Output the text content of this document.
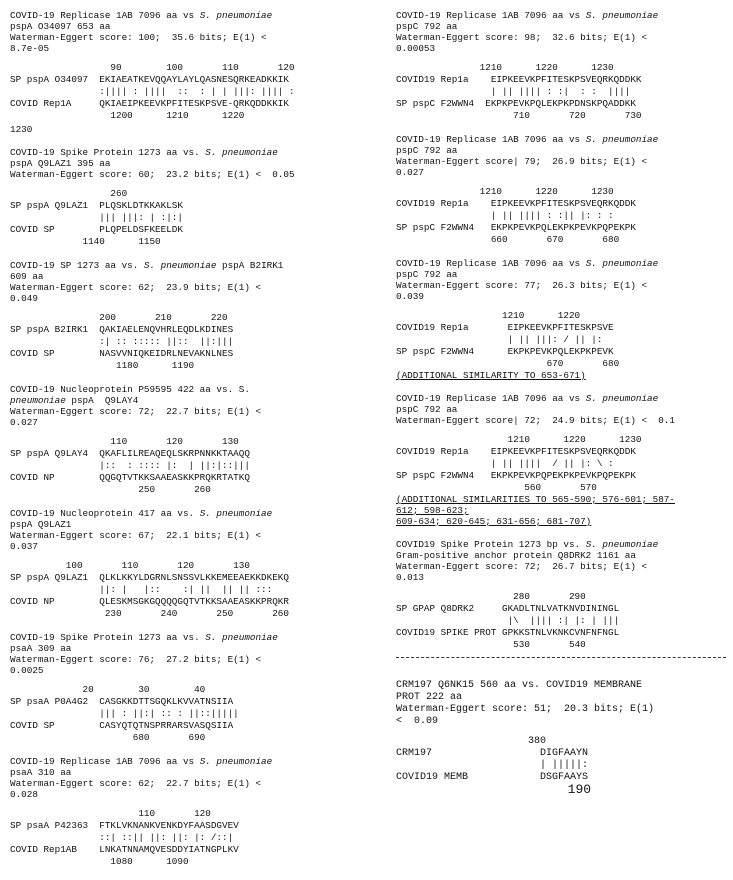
COVID-19 Replicase 1AB 7096 aa vs S. pneumoniae
pspA O34097 653 aa
Waterman-Eggert score: 100;  35.6 bits; E(1) <
8.7e-05
90        100       110       120
SP pspA O34097  EKIAEATKEVQQAYLAYLQASNESQRKEADKKIK
:|||| : ||||  ::  : | | |||: |||| :
COVID Rep1A     QKIAEIPKEEVKPFITESKPSVE-QRKQDDKKIK
1200      1210      1220
1230
COVID-19 Spike Protein 1273 aa vs. S. pneumoniae
pspA Q9LAZ1 395 aa
Waterman-Eggert score: 60;  23.2 bits; E(1) <  0.05
260
SP pspA Q9LAZ1  PLQSKLDTKKAKLSK
||| |||: | :|:|
COVID SP        PLQPELDSFKEELDK
1140      1150
COVID-19 SP 1273 aa vs. S. pneumoniae pspA B2IRK1
609 aa
Waterman-Eggert score: 62;  23.9 bits; E(1) <
0.049
200       210       220
SP pspA B2IRK1  QAKIAELENQVHRLEQDLKDINES
:| :: ::::: ||::  ||:|||
COVID SP        NASVVNIQKEIDRLNEVAKNLNES
1180      1190
COVID-19 Nucleoprotein P59595 422 aa vs. S.
pneumoniae pspA  Q9LAY4
Waterman-Eggert score: 72;  22.7 bits; E(1) <
0.027
110       120       130
SP pspA Q9LAY4  QKAFLILREAQEQLSKRPNNKKTAAQQ
|::  : :::: |:  | ||:|::|||
COVID NP        QQGQTVTKKSAAEASKKPRQKRTATKQ
250       260
COVID-19 Nucleoprotein 417 aa vs. S. pneumoniae
pspA Q9LAZ1
Waterman-Eggert score: 67;  22.1 bits; E(1) <
0.037
100       110       120       130
SP pspA Q9LAZ1  QLKLKKYLDGRNLSNSSVLKKEMEEAEKKDKEKQ
||: |   |::    :| ||  || || :::
COVID NP        QLESKMSGKGQQQQGQTVTKKSAAEASKKPRQKR
230       240       250       260
COVID-19 Spike Protein 1273 aa vs. S. pneumoniae
psaA 309 aa
Waterman-Eggert score: 76;  27.2 bits; E(1) <
0.0025
20        30        40
SP psaA P0A4G2  CASGKKDTTSGQKLKVVATNSIIA
||| : ||:| :: : ||::|||||
COVID SP        CASYQTQTNSPRRARSVASQSIIA
680       690
COVID-19 Replicase 1AB 7096 aa vs S. pneumoniae
psaA 310 aa
Waterman-Eggert score: 62;  22.7 bits; E(1) <
0.028
110       120
SP psaA P42363  FTKLVKNANKVENKDYFAASDGVEV
::| ::|| ||: ||: |: /::|
COVID Rep1AB    LNKATNNAMQVESDDYIATNGPLKV
1080      1090
COVID-19 Replicase 1AB 7096 aa vs S. pneumoniae
pspC 792 aa
Waterman-Eggert score: 98;  32.6 bits; E(1) <
0.00053
1210      1220      1230
COVID19 Rep1a    EIPKEEVKPFITESKPSVEQRKQDDKK
| || |||| : :|  : :  ||||
SP pspC F2WWN4  EKPKPEVKPQLEKPKPDNSKPQADDKK
710       720       730
COVID-19 Replicase 1AB 7096 aa vs S. pneumoniae
pspC 792 aa
Waterman-Eggert score| 79;  26.9 bits; E(1) <
0.027
1210      1220      1230
COVID19 Rep1a    EIPKEEVKPFITESKPSVEQRKQDDK
| || |||| : :|| |: : :
SP pspC F2WWN4   EKPKPEVKPQLEKPKPEVKPQPEKPK
660       670       680
COVID-19 Replicase 1AB 7096 aa vs S. pneumoniae
pspC 792 aa
Waterman-Eggert score: 77;  26.3 bits; E(1) <
0.039
1210      1220
COVID19 Rep1a       EIPKEEVKPFITESKPSVE
| || |||: / || |:
SP pspC F2WWN4      EKPKPEVKPQLEKPKPEVK
670       680
(ADDITIONAL SIMILARITY TO 653-671)
COVID-19 Replicase 1AB 7096 aa vs S. pneumoniae
pspC 792 aa
Waterman-Eggert score| 72;  24.9 bits; E(1) <  0.1
1210      1220      1230
COVID19 Rep1a    EIPKEEVKPFITESKPSVEQRKQDDK
| || ||||  / || |: \ :
SP pspC F2WWN4   EKPKPEVKPQPEKPKPEVKPQPEKPK
560       570
(ADDITIONAL SIMILARITIES TO 565-590; 576-601; 587-
612; 598-623;
609-634; 620-645; 631-656; 681-707)
COVID19 Spike Protein 1273 bp vs. S. pneumoniae
Gram-positive anchor protein Q8DRK2 1161 aa
Waterman-Eggert score: 72;  26.7 bits; E(1) <
0.013
280       290
SP GPAP Q8DRK2     GKADLTNLVATKNVDININGL
|\  |||| :| |: | |||
COVID19 SPIKE PROT GPKKSTNLVKNKCVNFNFNGL
530       540
CRM197 Q6NK15 560 aa vs. COVID19 MEMBRANE
PROT 222 aa
Waterman-Eggert score: 51;  20.3 bits; E(1)
<  0.09
380
CRM197                  DIGFAAYN
| |||||:
COVID19 MEMB            DSGFAAYS
190
